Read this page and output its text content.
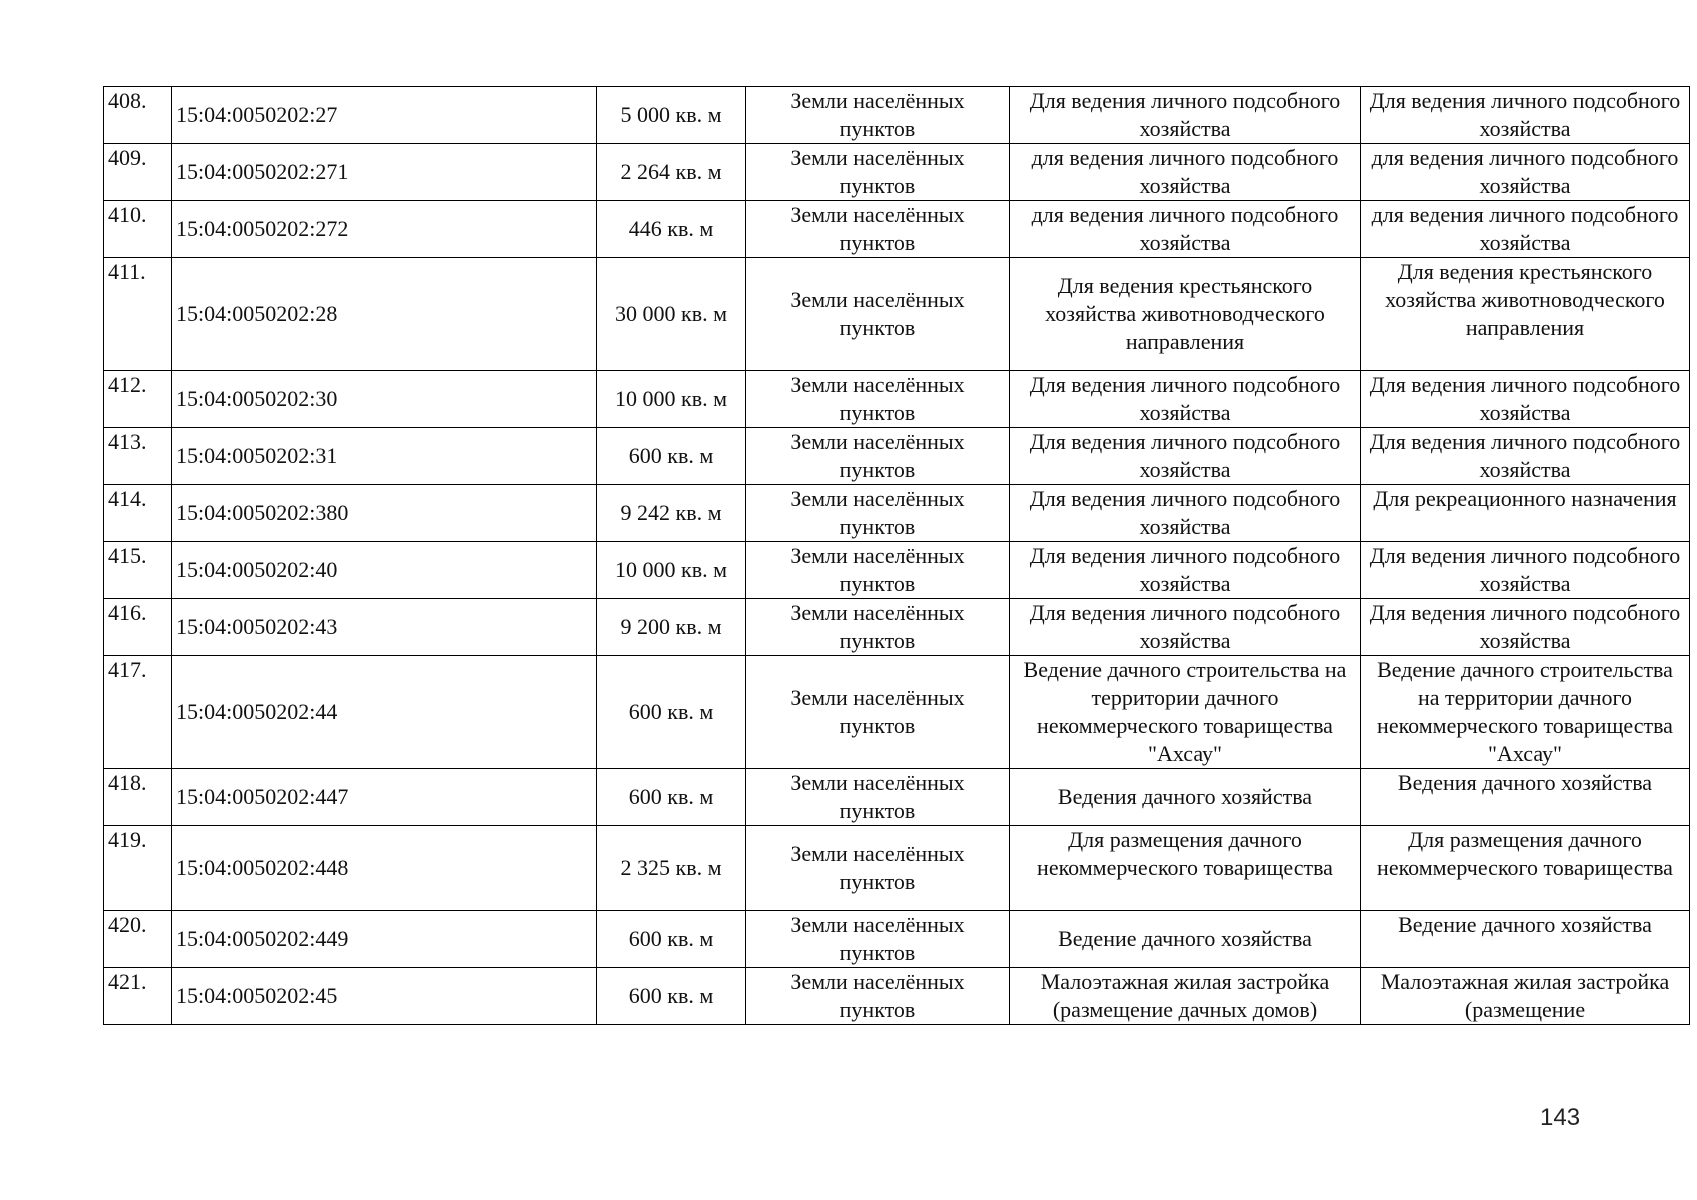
408.	15:04:0050202:27	5 000 кв. м	Земли населённых пунктов	Для ведения личного подсобного хозяйства	Для ведения личного подсобного хозяйства
409.	15:04:0050202:271	2 264 кв. м	Земли населённых пунктов	для ведения личного подсобного хозяйства	для ведения личного подсобного хозяйства
410.	15:04:0050202:272	446 кв. м	Земли населённых пунктов	для ведения личного подсобного хозяйства	для ведения личного подсобного хозяйства
411.	15:04:0050202:28	30 000 кв. м	Земли населённых пунктов	Для ведения крестьянского хозяйства животноводческого направления	Для ведения крестьянского хозяйства животноводческого направления
412.	15:04:0050202:30	10 000 кв. м	Земли населённых пунктов	Для ведения личного подсобного хозяйства	Для ведения личного подсобного хозяйства
413.	15:04:0050202:31	600 кв. м	Земли населённых пунктов	Для ведения личного подсобного хозяйства	Для ведения личного подсобного хозяйства
414.	15:04:0050202:380	9 242 кв. м	Земли населённых пунктов	Для ведения личного подсобного хозяйства	Для рекреационного назначения
415.	15:04:0050202:40	10 000 кв. м	Земли населённых пунктов	Для ведения личного подсобного хозяйства	Для ведения личного подсобного хозяйства
416.	15:04:0050202:43	9 200 кв. м	Земли населённых пунктов	Для ведения личного подсобного хозяйства	Для ведения личного подсобного хозяйства
417.	15:04:0050202:44	600 кв. м	Земли населённых пунктов	Ведение дачного строительства на территории дачного некоммерческого товарищества "Ахсау"	Ведение дачного строительства на территории дачного некоммерческого товарищества "Ахсау"
418.	15:04:0050202:447	600 кв. м	Земли населённых пунктов	Ведения дачного хозяйства	Ведения дачного хозяйства
419.	15:04:0050202:448	2 325 кв. м	Земли населённых пунктов	Для размещения дачного некоммерческого товарищества	Для размещения дачного некоммерческого товарищества
420.	15:04:0050202:449	600 кв. м	Земли населённых пунктов	Ведение дачного хозяйства	Ведение дачного хозяйства
421.	15:04:0050202:45	600 кв. м	Земли населённых пунктов	Малоэтажная жилая застройка (размещение дачных домов)	Малоэтажная жилая застройка (размещение
143
